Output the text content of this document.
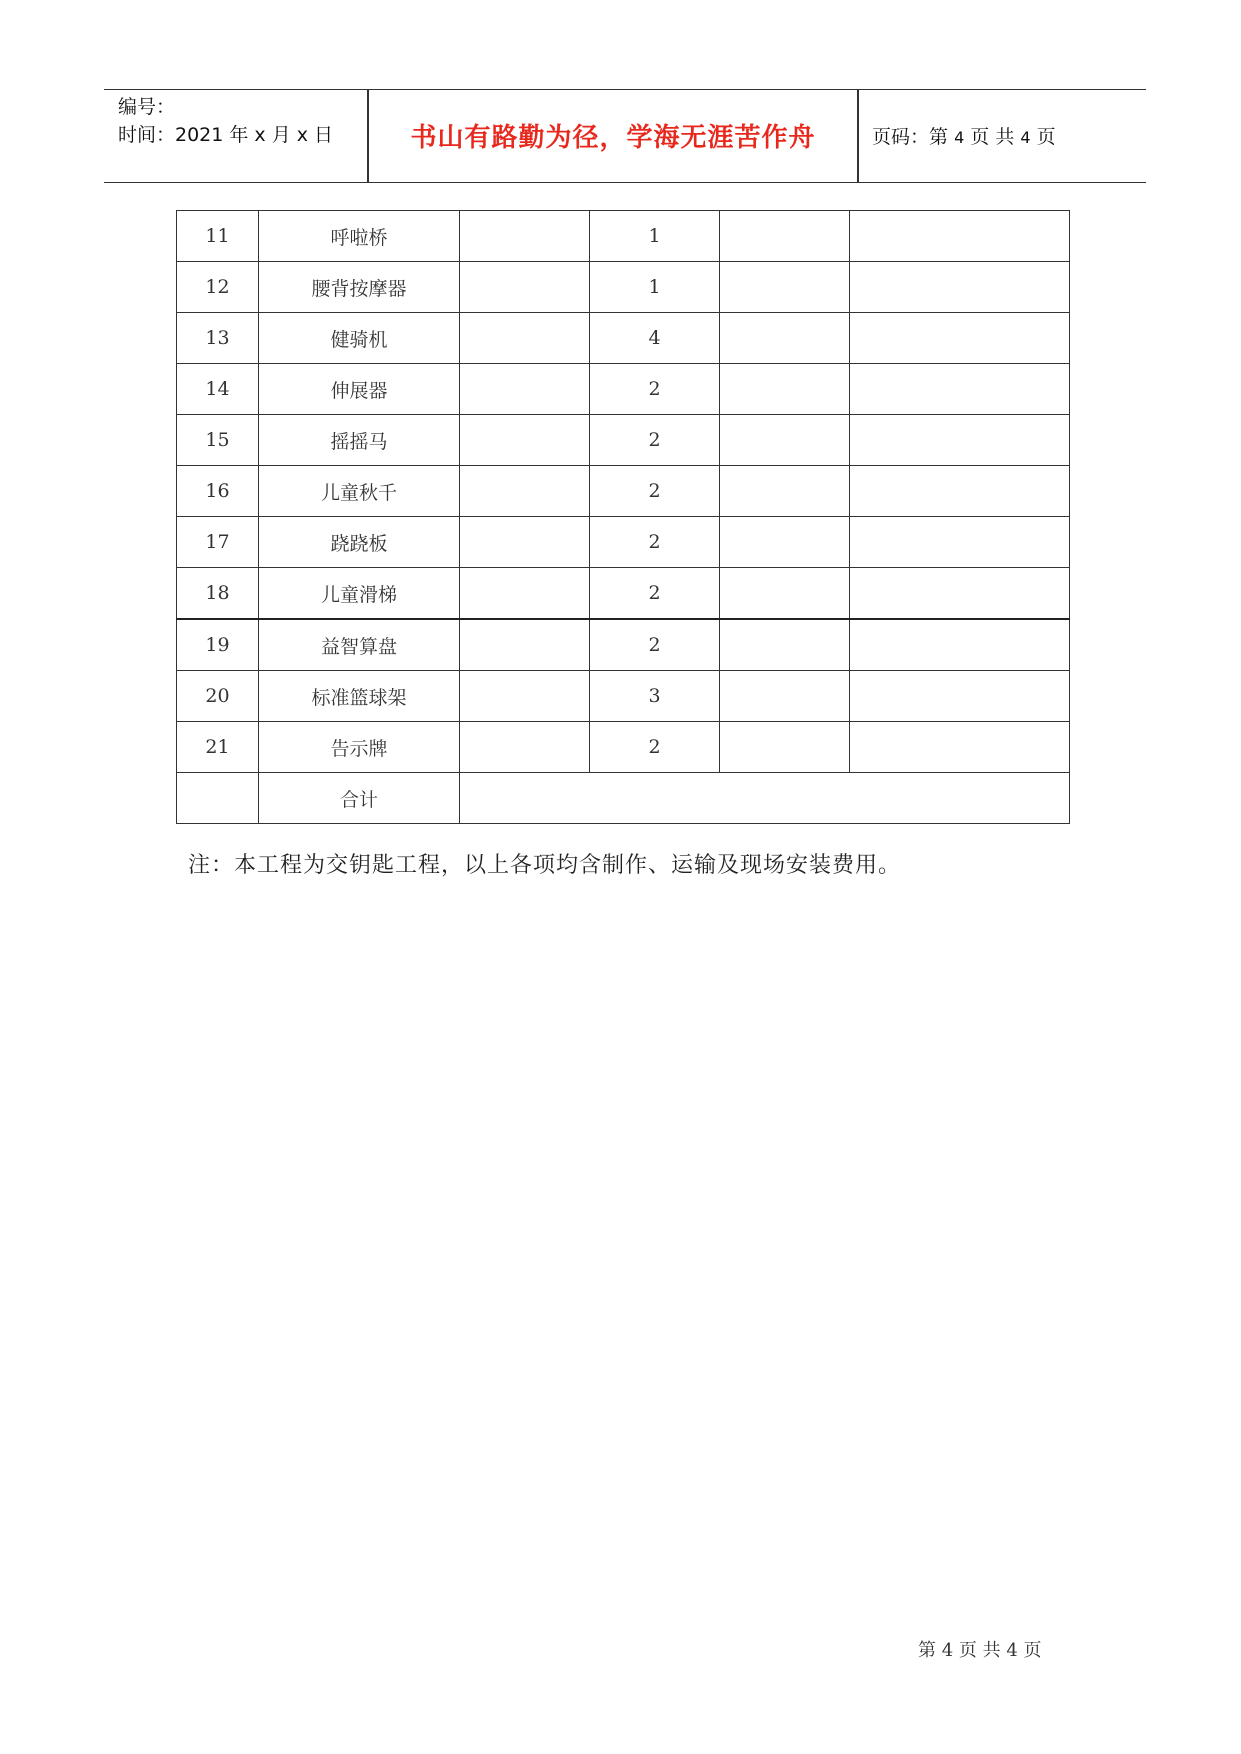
编号：
时间：2021 年 x 月 x 日	书山有路勤为径，学海无涯苦作舟	页码：第 4 页 共 4 页
11	呼啦桥		1		
12	腰背按摩器		1		
13	健骑机		4		
14	伸展器		2		
15	摇摇马		2		
16	儿童秋千		2		
17	跷跷板		2		
18	儿童滑梯		2		
19	益智算盘		2		
20	标准篮球架		3		
21	告示牌		2		
	合计				
注：本工程为交钥匙工程，以上各项均含制作、运输及现场安装费用。
第 4 页 共 4 页
